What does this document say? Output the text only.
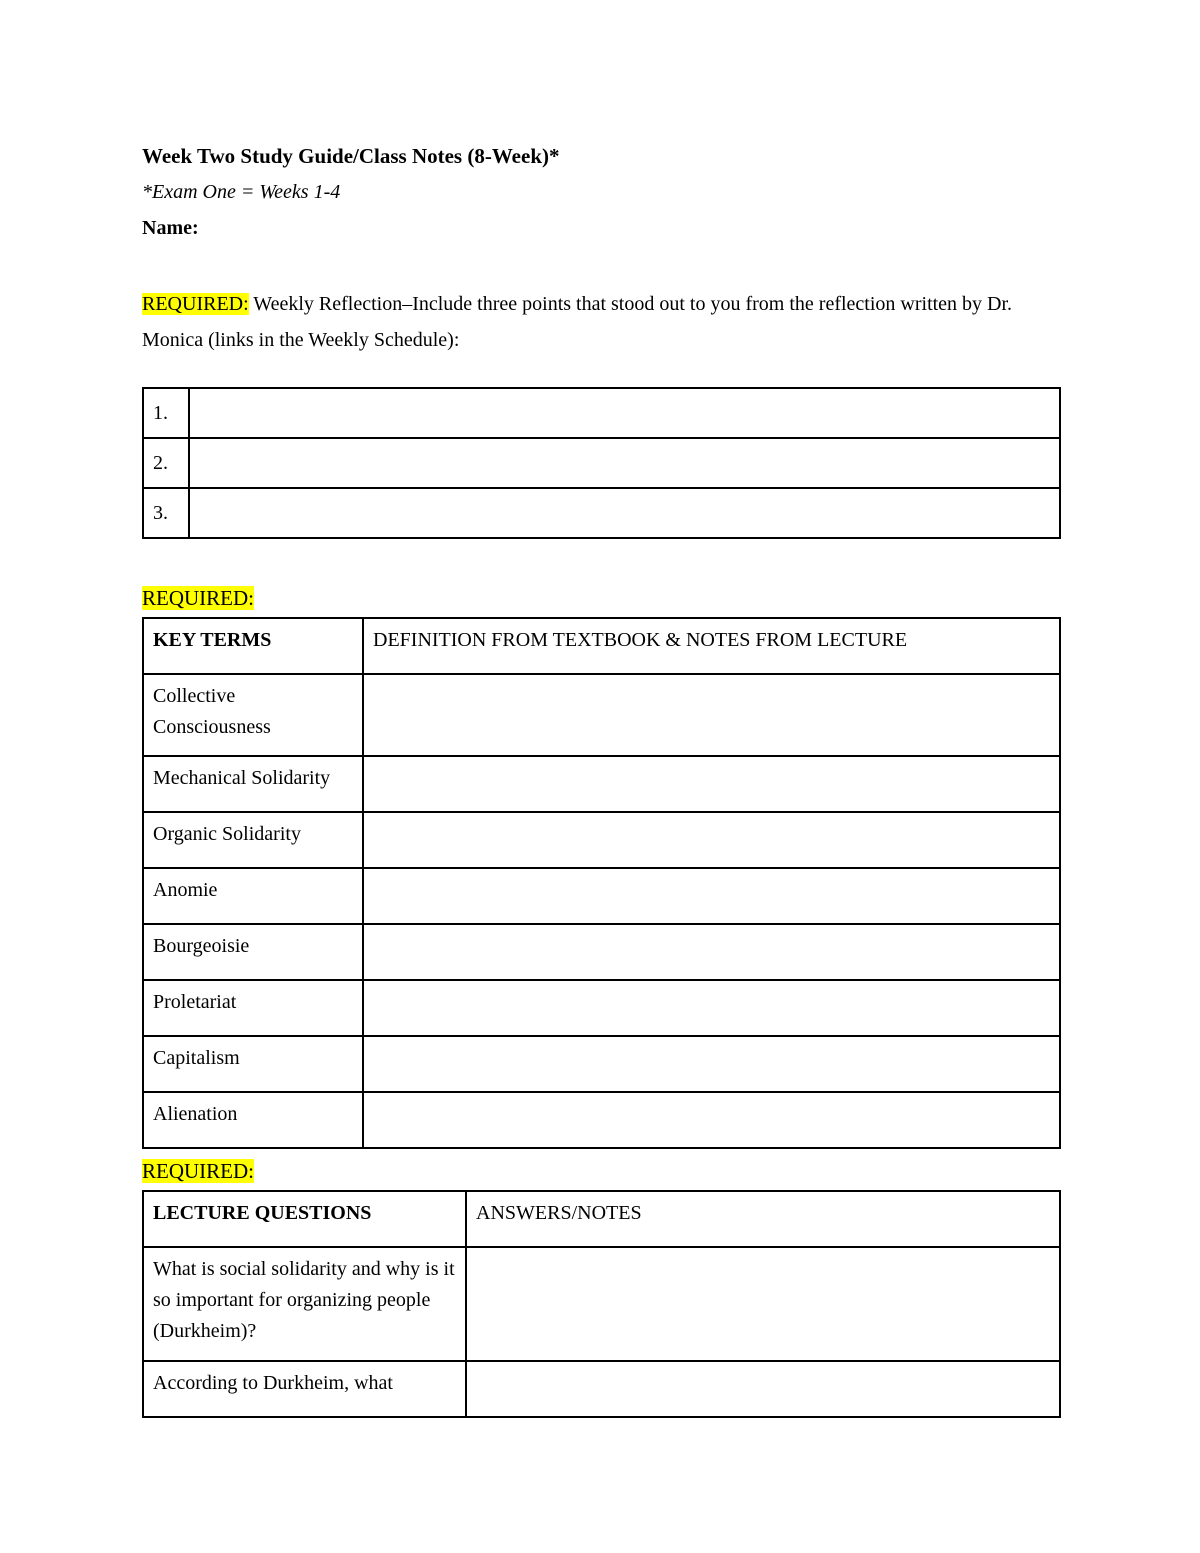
Week Two Study Guide/Class Notes (8-Week)*
*Exam One = Weeks 1-4
Name:
REQUIRED: Weekly Reflection–Include three points that stood out to you from the reflection written by Dr. Monica (links in the Weekly Schedule):
1.	
2.	
3.	
REQUIRED:
KEY TERMS	DEFINITION FROM TEXTBOOK & NOTES FROM LECTURE
Collective Consciousness	
Mechanical Solidarity	
Organic Solidarity	
Anomie	
Bourgeoisie	
Proletariat	
Capitalism	
Alienation	
REQUIRED:
LECTURE QUESTIONS	ANSWERS/NOTES
What is social solidarity and why is it so important for organizing people (Durkheim)?	
According to Durkheim, what	
